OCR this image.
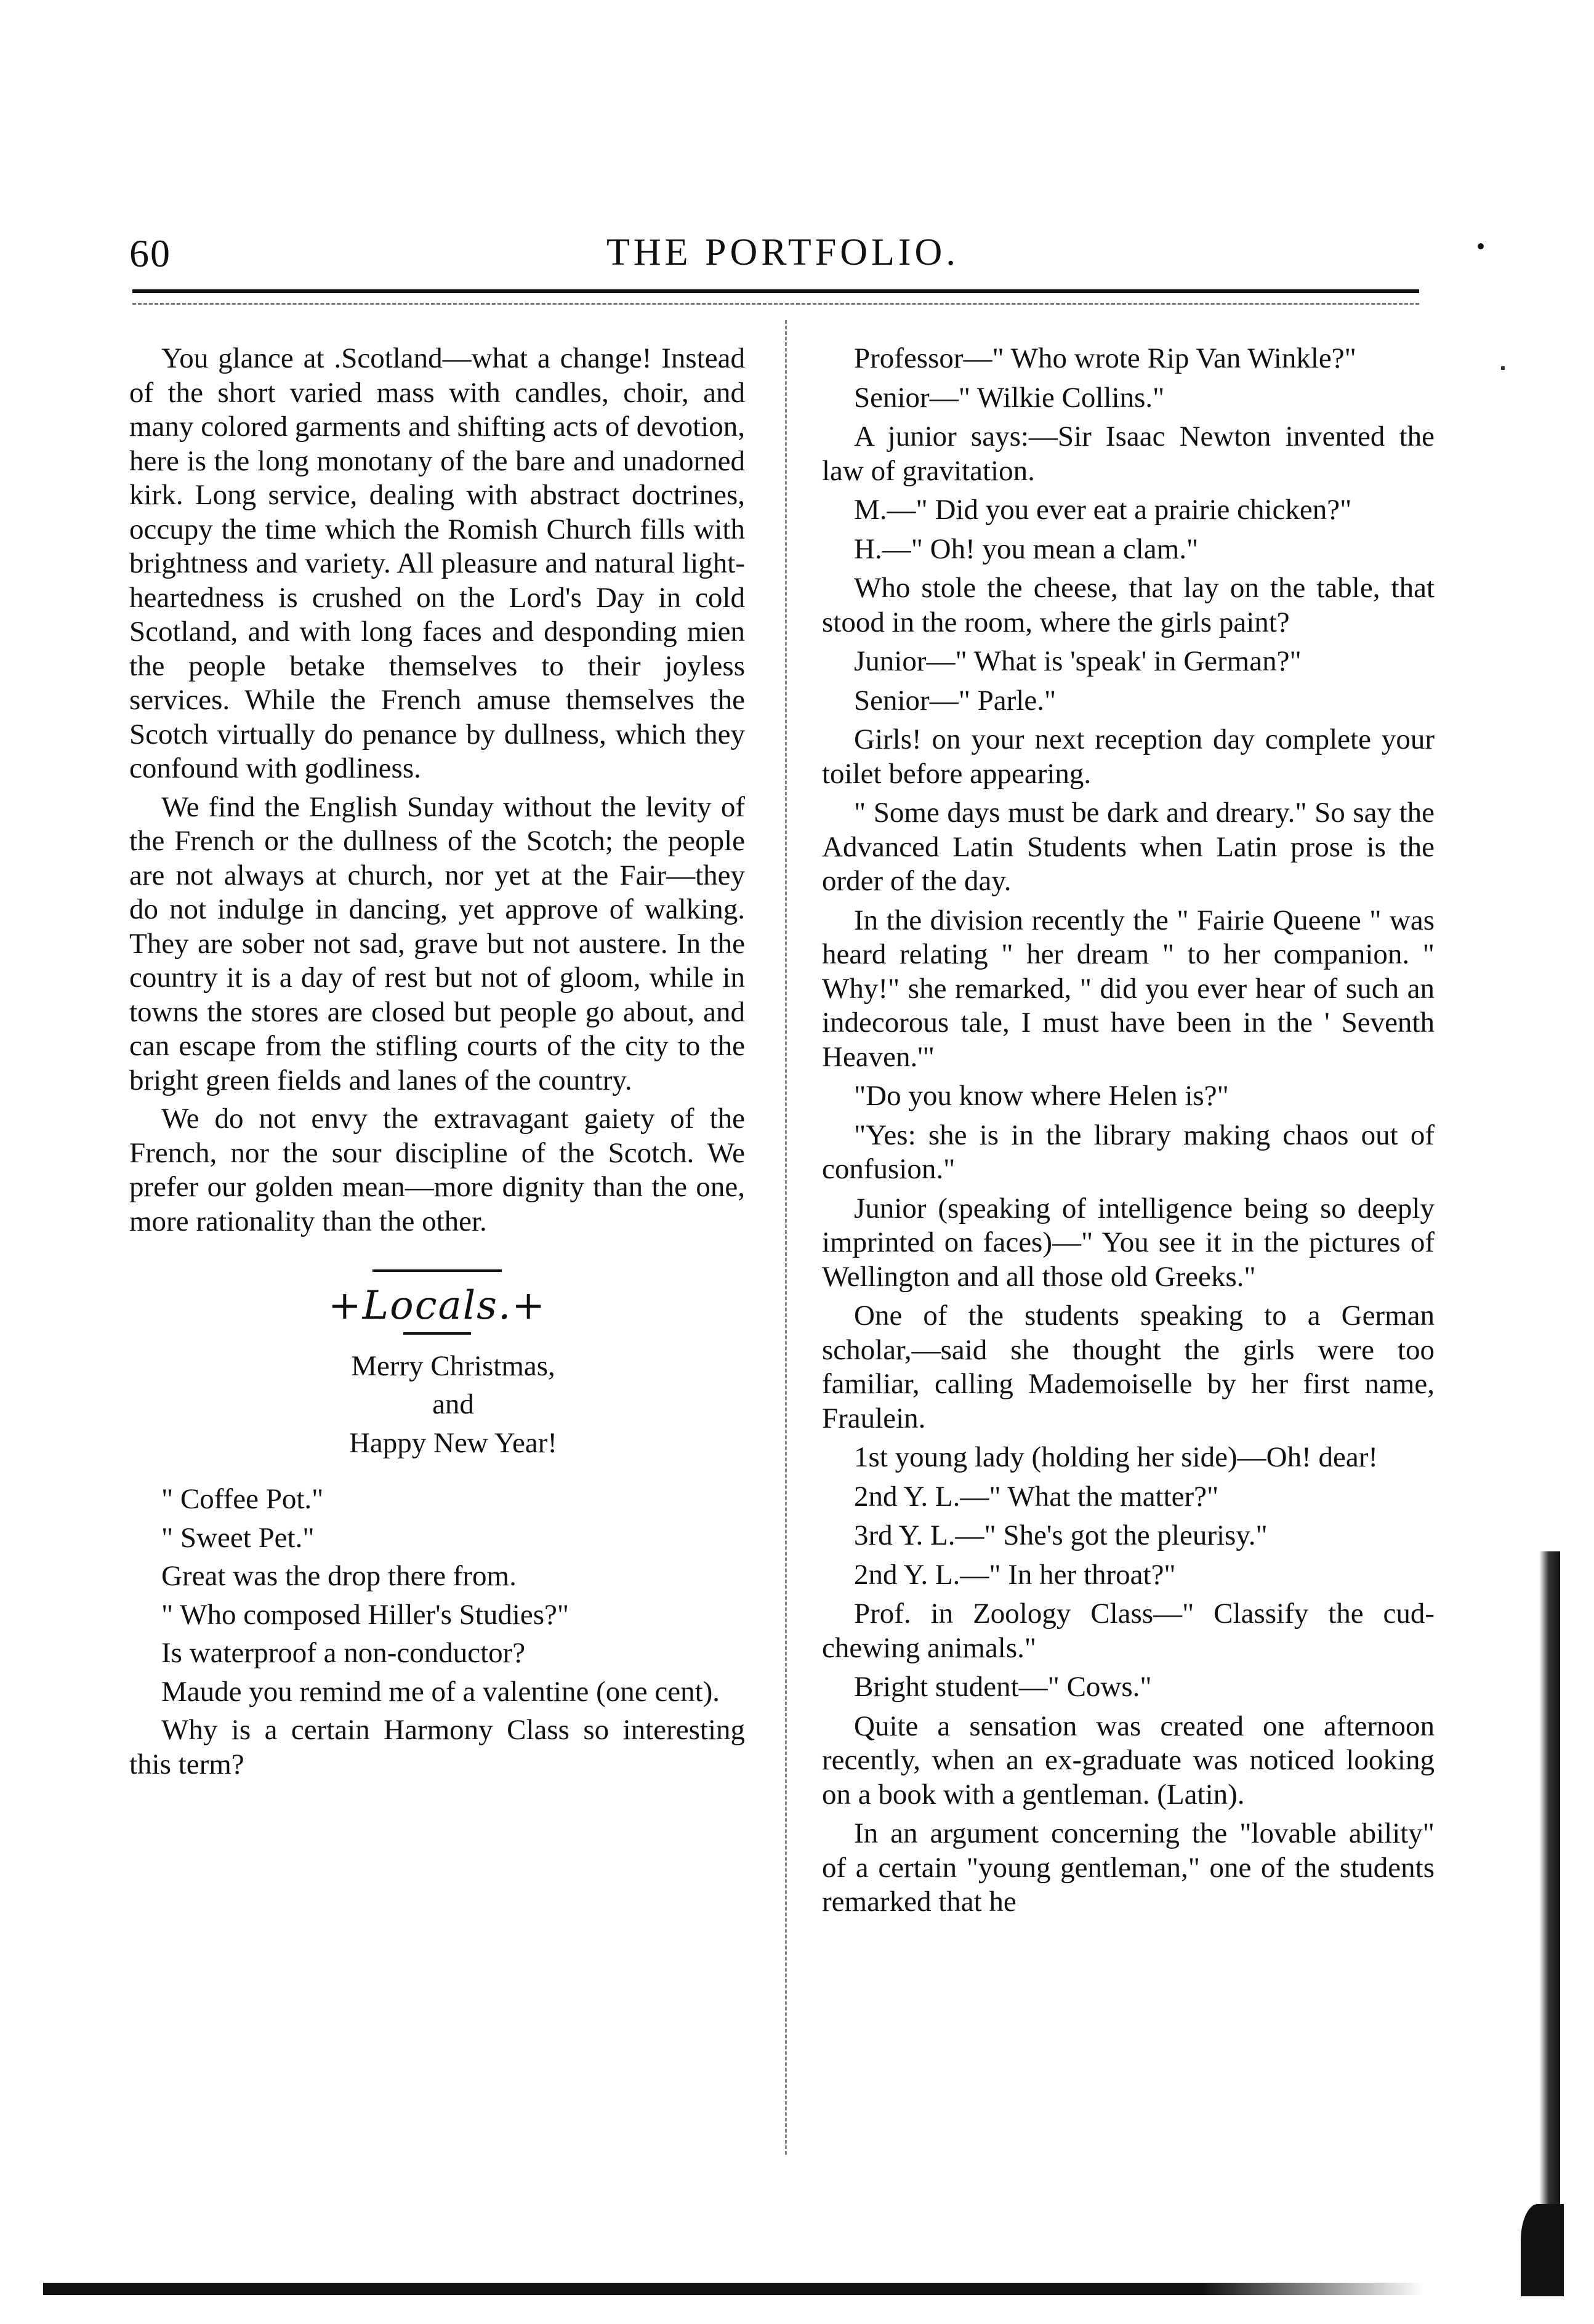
60	THE PORTFOLIO.

You glance at .Scotland—what a change! Instead of the short varied mass with candles, choir, and many colored garments and shifting acts of devotion, here is the long monotany of the bare and unadorned kirk. Long service, dealing with abstract doctrines, occupy the time which the Romish Church fills with brightness and variety. All pleasure and natural light-heartedness is crushed on the Lord's Day in cold Scotland, and with long faces and desponding mien the people betake themselves to their joyless services. While the French amuse themselves the Scotch virtually do penance by dullness, which they confound with godliness.

We find the English Sunday without the levity of the French or the dullness of the Scotch; the people are not always at church, nor yet at the Fair—they do not indulge in dancing, yet approve of walking. They are sober not sad, grave but not austere. In the country it is a day of rest but not of gloom, while in towns the stores are closed but people go about, and can escape from the stifling courts of the city to the bright green fields and lanes of the country.

We do not envy the extravagant gaiety of the French, nor the sour discipline of the Scotch. We prefer our golden mean—more dignity than the one, more rationality than the other.

+Locals.+

Merry Christmas,

and

Happy New Year!

" Coffee Pot."

" Sweet Pet."

Great was the drop there from.

" Who composed Hiller's Studies?"

Is waterproof a non-conductor?

Maude you remind me of a valentine (one cent).

Why is a certain Harmony Class so interesting this term?

Professor—" Who wrote Rip Van Winkle?"

Senior—" Wilkie Collins."

A junior says:—Sir Isaac Newton invented the law of gravitation.

M.—" Did you ever eat a prairie chicken?"

H.—" Oh! you mean a clam."

Who stole the cheese, that lay on the table, that stood in the room, where the girls paint?

Junior—" What is 'speak' in German?"

Senior—" Parle."

Girls! on your next reception day complete your toilet before appearing.

" Some days must be dark and dreary." So say the Advanced Latin Students when Latin prose is the order of the day.

In the division recently the " Fairie Queene " was heard relating " her dream " to her companion. " Why!" she remarked, " did you ever hear of such an indecorous tale, I must have been in the ' Seventh Heaven.'"

"Do you know where Helen is?"

"Yes: she is in the library making chaos out of confusion."

Junior (speaking of intelligence being so deeply imprinted on faces)—" You see it in the pictures of Wellington and all those old Greeks."

One of the students speaking to a German scholar,—said she thought the girls were too familiar, calling Mademoiselle by her first name, Fraulein.

1st young lady (holding her side)—Oh! dear!

2nd Y. L.—" What the matter?"

3rd Y. L.—" She's got the pleurisy."

2nd Y. L.—" In her throat?"

Prof. in Zoology Class—" Classify the cud-chewing animals."

Bright student—" Cows."

Quite a sensation was created one afternoon recently, when an ex-graduate was noticed looking on a book with a gentleman. (Latin).

In an argument concerning the "lovable ability" of a certain "young gentleman," one of the students remarked that he
